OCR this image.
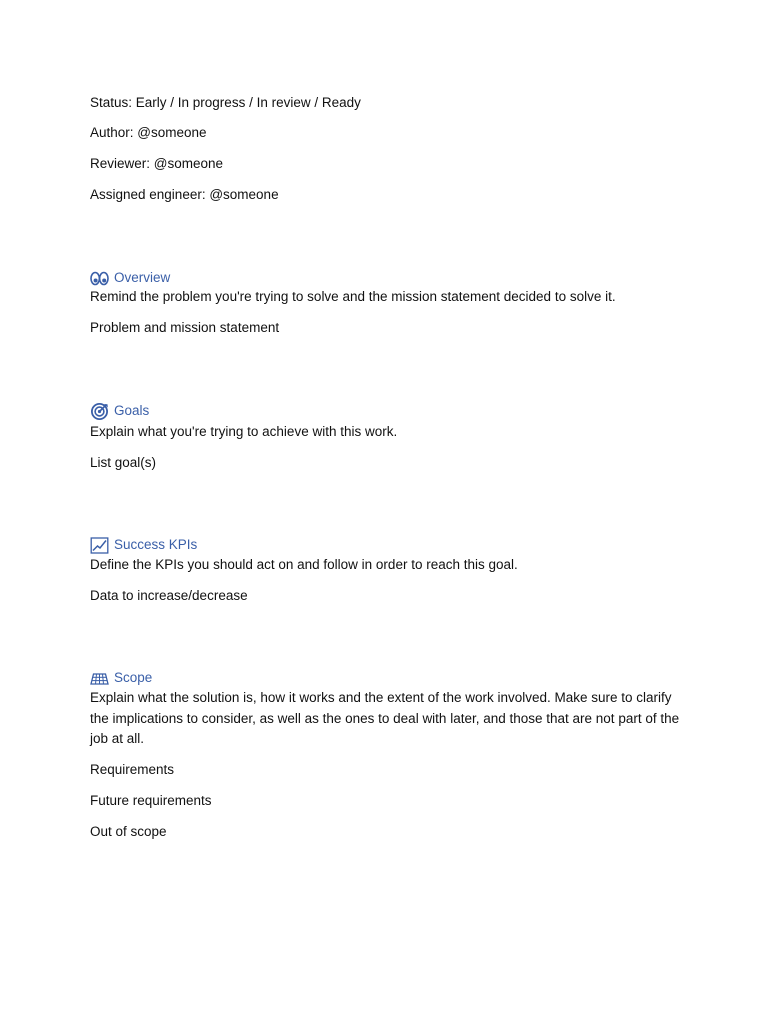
Status: Early / In progress / In review / Ready
Author: @someone
Reviewer: @someone
Assigned engineer: @someone
Overview
Remind the problem you're trying to solve and the mission statement decided to solve it.
Problem and mission statement
Goals
Explain what you're trying to achieve with this work.
List goal(s)
Success KPIs
Define the KPIs you should act on and follow in order to reach this goal.
Data to increase/decrease
Scope
Explain what the solution is, how it works and the extent of the work involved. Make sure to clarify the implications to consider, as well as the ones to deal with later, and those that are not part of the job at all.
Requirements
Future requirements
Out of scope
